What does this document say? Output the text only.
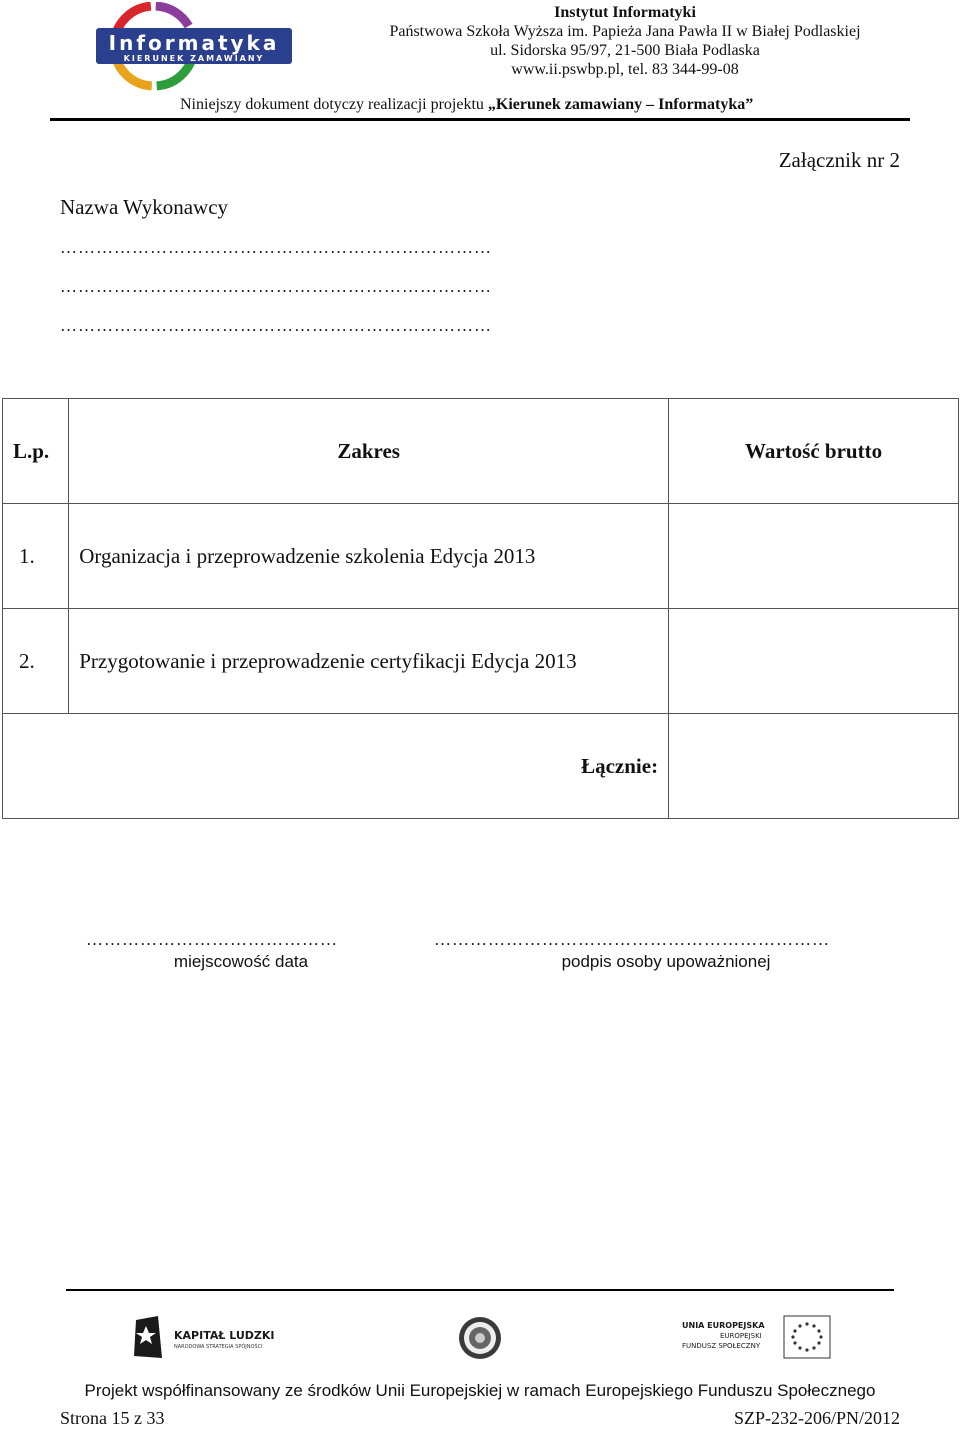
Informatyka
KIERUNEK ZAMAWIANY
Instytut Informatyki
Państwowa Szkoła Wyższa im. Papieża Jana Pawła II w Białej Podlaskiej
ul. Sidorska 95/97, 21-500 Biała Podlaska
www.ii.pswbp.pl, tel. 83 344-99-08
Niniejszy dokument dotyczy realizacji projektu „Kierunek zamawiany – Informatyka”
Załącznik nr 2
Nazwa Wykonawcy
………………………………………………………………
………………………………………………………………
………………………………………………………………
L.p.	Zakres	Wartość brutto
1.	Organizacja i przeprowadzenie szkolenia Edycja 2013	
2.	Przygotowanie i przeprowadzenie certyfikacji Edycja 2013	
Łącznie:		
……………………………………
miejscowość data
…………………………………………………………
podpis osoby upoważnionej
KAPITAŁ LUDZKI
NARODOWA STRATEGIA SPÓJNOŚCI
UNIA EUROPEJSKA
EUROPEJSKI
FUNDUSZ SPOŁECZNY
Projekt współfinansowany ze środków Unii Europejskiej w ramach Europejskiego Funduszu Społecznego
Strona 15 z 33	SZP-232-206/PN/2012
